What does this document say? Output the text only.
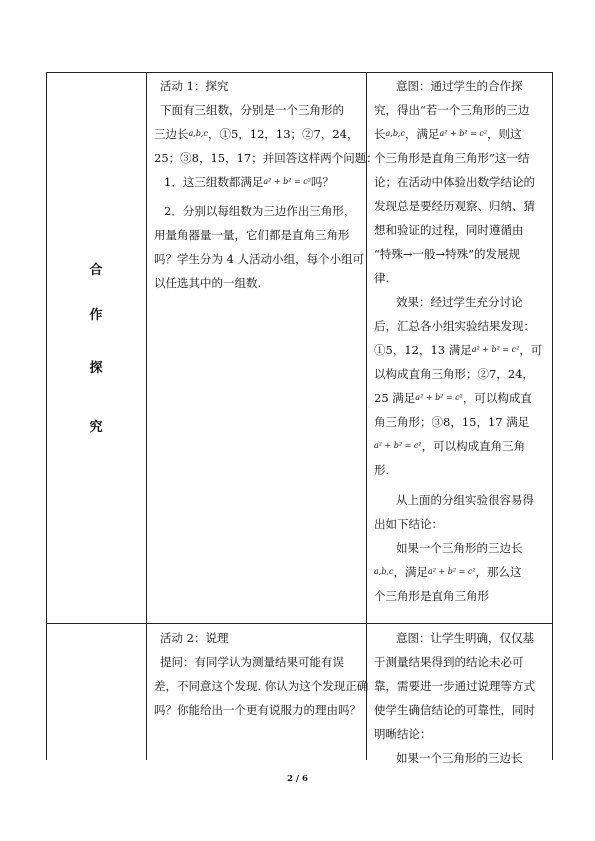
合
作
探
究

活动 1：探究

下面有三组数，分别是一个三角形的

三边长a,b,c，①5，12，13；②7，24，

25；③8，15，17；并回答这样两个问题：

1．这三组数都满足a² + b² = c²吗？

2．分别以每组数为三边作出三角形，

用量角器量一量，它们都是直角三角形

吗？学生分为 4 人活动小组，每个小组可

以任选其中的一组数.

意图：通过学生的合作探

究，得出“若一个三角形的三边

长a,b,c，满足a² + b² = c²，则这

个三角形是直角三角形”这一结

论；在活动中体验出数学结论的

发现总是要经历观察、归纳、猜

想和验证的过程，同时遵循由

“特殊→一般→特殊”的发展规

律.

效果：经过学生充分讨论

后，汇总各小组实验结果发现：

①5，12，13 满足a² + b² = c²，可

以构成直角三角形；②7，24，

25 满足a² + b² = c²，可以构成直

角三角形；③8，15，17 满足

a² + b² = c²，可以构成直角三角

形.

从上面的分组实验很容易得

出如下结论：

如果一个三角形的三边长

a,b,c，满足a² + b² = c²，那么这

个三角形是直角三角形

活动 2：说理

提问：有同学认为测量结果可能有误

差，不同意这个发现. 你认为这个发现正确

吗？你能给出一个更有说服力的理由吗？

意图：让学生明确，仅仅基

于测量结果得到的结论未必可

靠，需要进一步通过说理等方式

使学生确信结论的可靠性，同时

明晰结论：

如果一个三角形的三边长

2 / 6
